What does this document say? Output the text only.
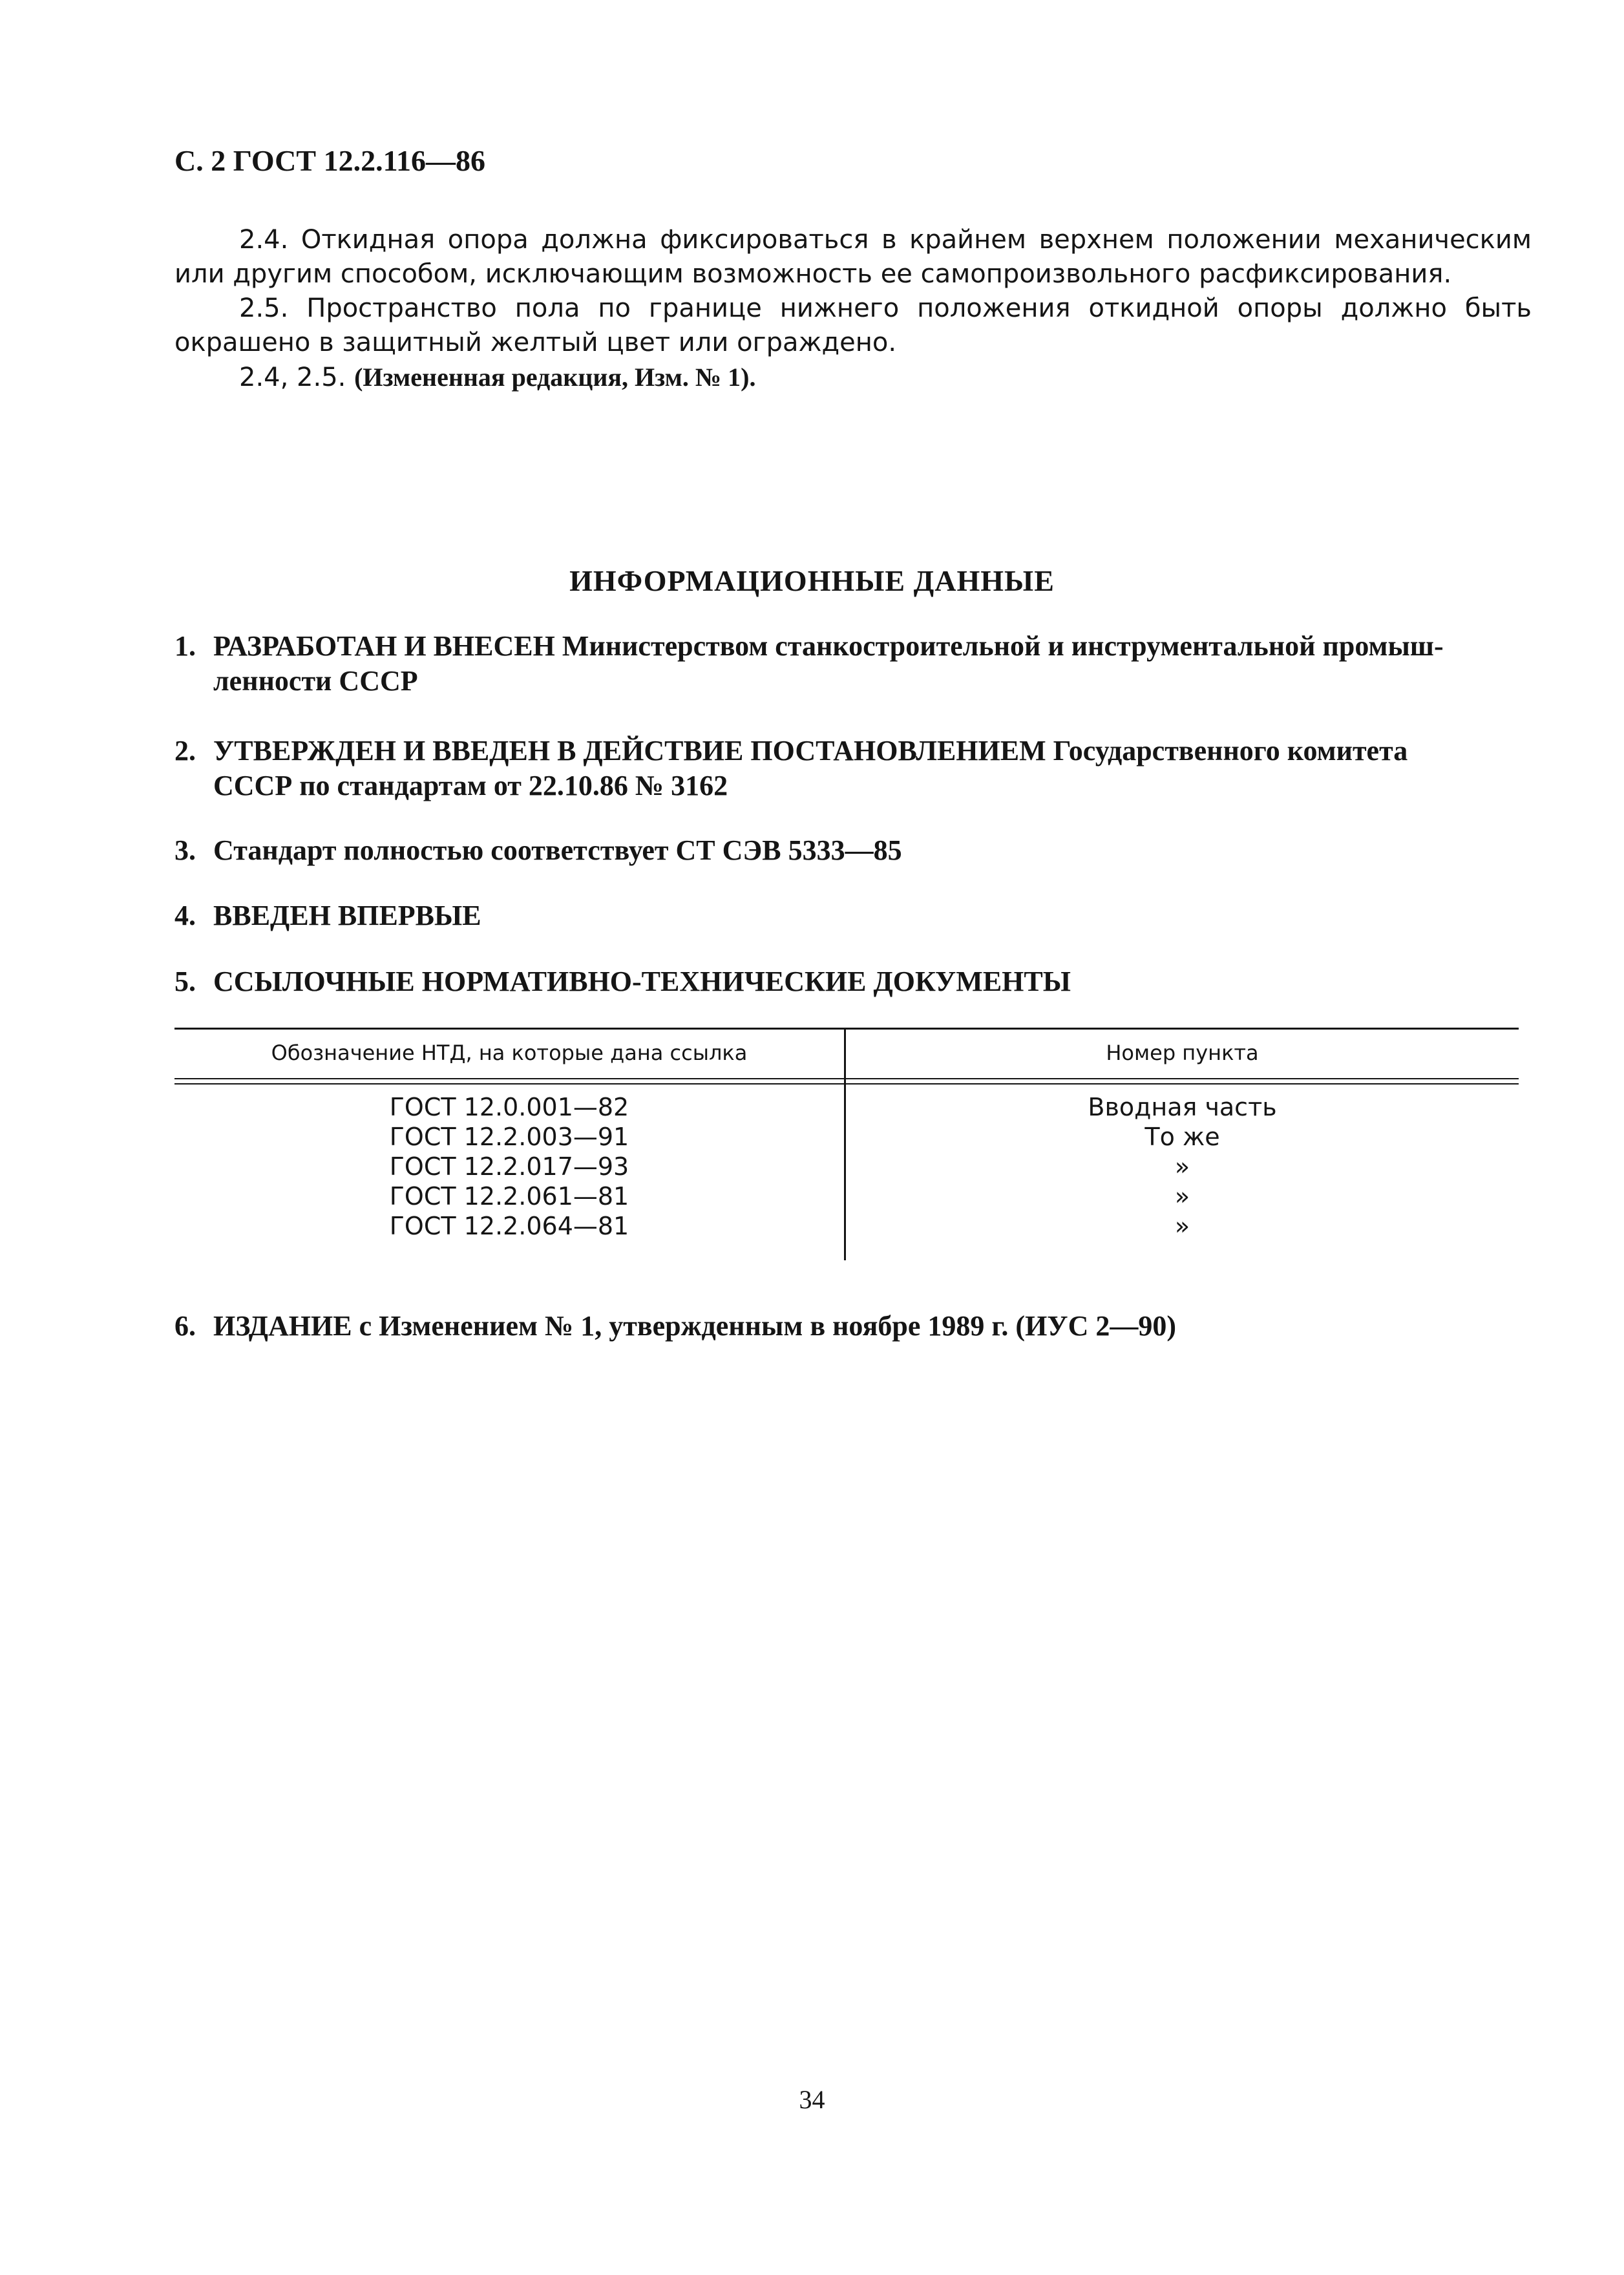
С. 2 ГОСТ 12.2.116—86
2.4. Откидная опора должна фиксироваться в крайнем верхнем положении механическим или другим способом, исключающим возможность ее самопроизвольного расфиксирования.
2.5. Пространство пола по границе нижнего положения откидной опоры должно быть окрашено в защитный желтый цвет или ограждено.
2.4, 2.5. (Измененная редакция, Изм. № 1).
ИНФОРМАЦИОННЫЕ ДАННЫЕ
1. РАЗРАБОТАН И ВНЕСЕН Министерством станкостроительной и инструментальной промыш-
ленности СССР
2. УТВЕРЖДЕН И ВВЕДЕН В ДЕЙСТВИЕ ПОСТАНОВЛЕНИЕМ Государственного комитета
СССР по стандартам от 22.10.86 № 3162
3. Стандарт полностью соответствует СТ СЭВ 5333—85
4. ВВЕДЕН ВПЕРВЫЕ
5. ССЫЛОЧНЫЕ НОРМАТИВНО-ТЕХНИЧЕСКИЕ ДОКУМЕНТЫ
Обозначение НТД, на которые дана ссылка	Номер пункта
ГОСТ 12.0.001—82
ГОСТ 12.2.003—91
ГОСТ 12.2.017—93
ГОСТ 12.2.061—81
ГОСТ 12.2.064—81
Вводная часть
То же
»
»
»
6. ИЗДАНИЕ с Изменением № 1, утвержденным в ноябре 1989 г. (ИУС 2—90)
34
